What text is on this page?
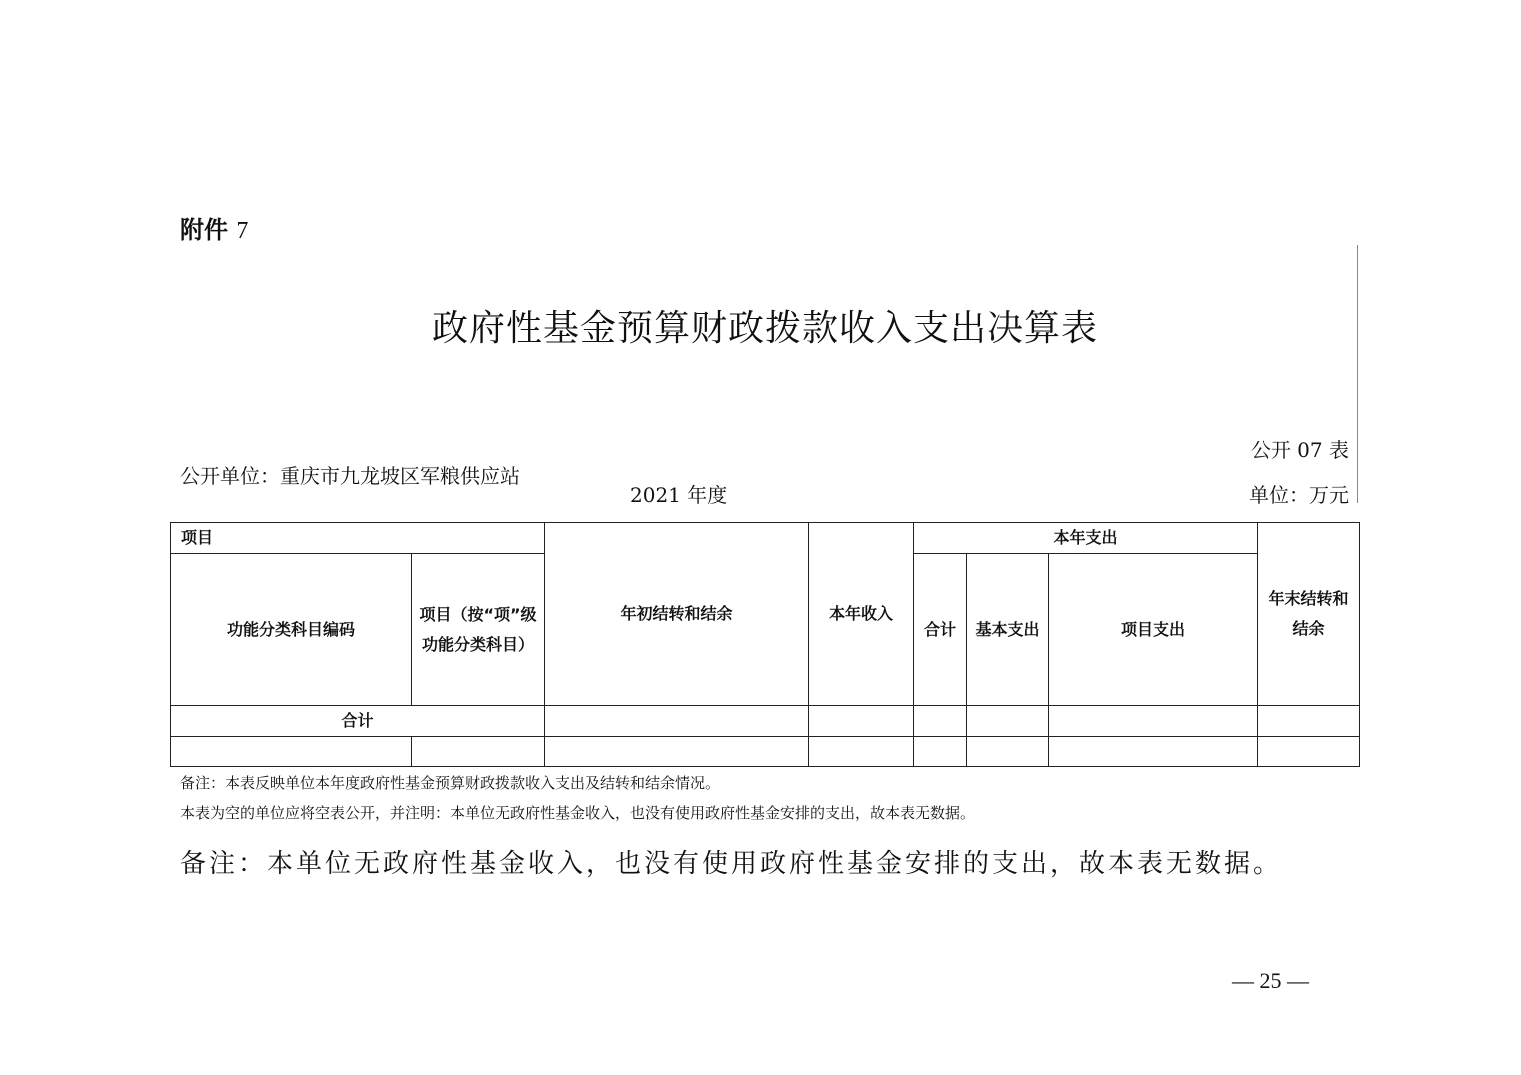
附件 7
政府性基金预算财政拨款收入支出决算表
公开 07 表
公开单位：重庆市九龙坡区军粮供应站
2021 年度	单位：万元
项目		年初结转和结余	本年收入	本年支出			年末结转和结余
功能分类科目编码	项目（按“项”级功能分类科目）			合计	基本支出	项目支出	
合计							

备注：本表反映单位本年度政府性基金预算财政拨款收入支出及结转和结余情况。
本表为空的单位应将空表公开，并注明：本单位无政府性基金收入，也没有使用政府性基金安排的支出，故本表无数据。
备注：本单位无政府性基金收入，也没有使用政府性基金安排的支出，故本表无数据。
— 25 —
